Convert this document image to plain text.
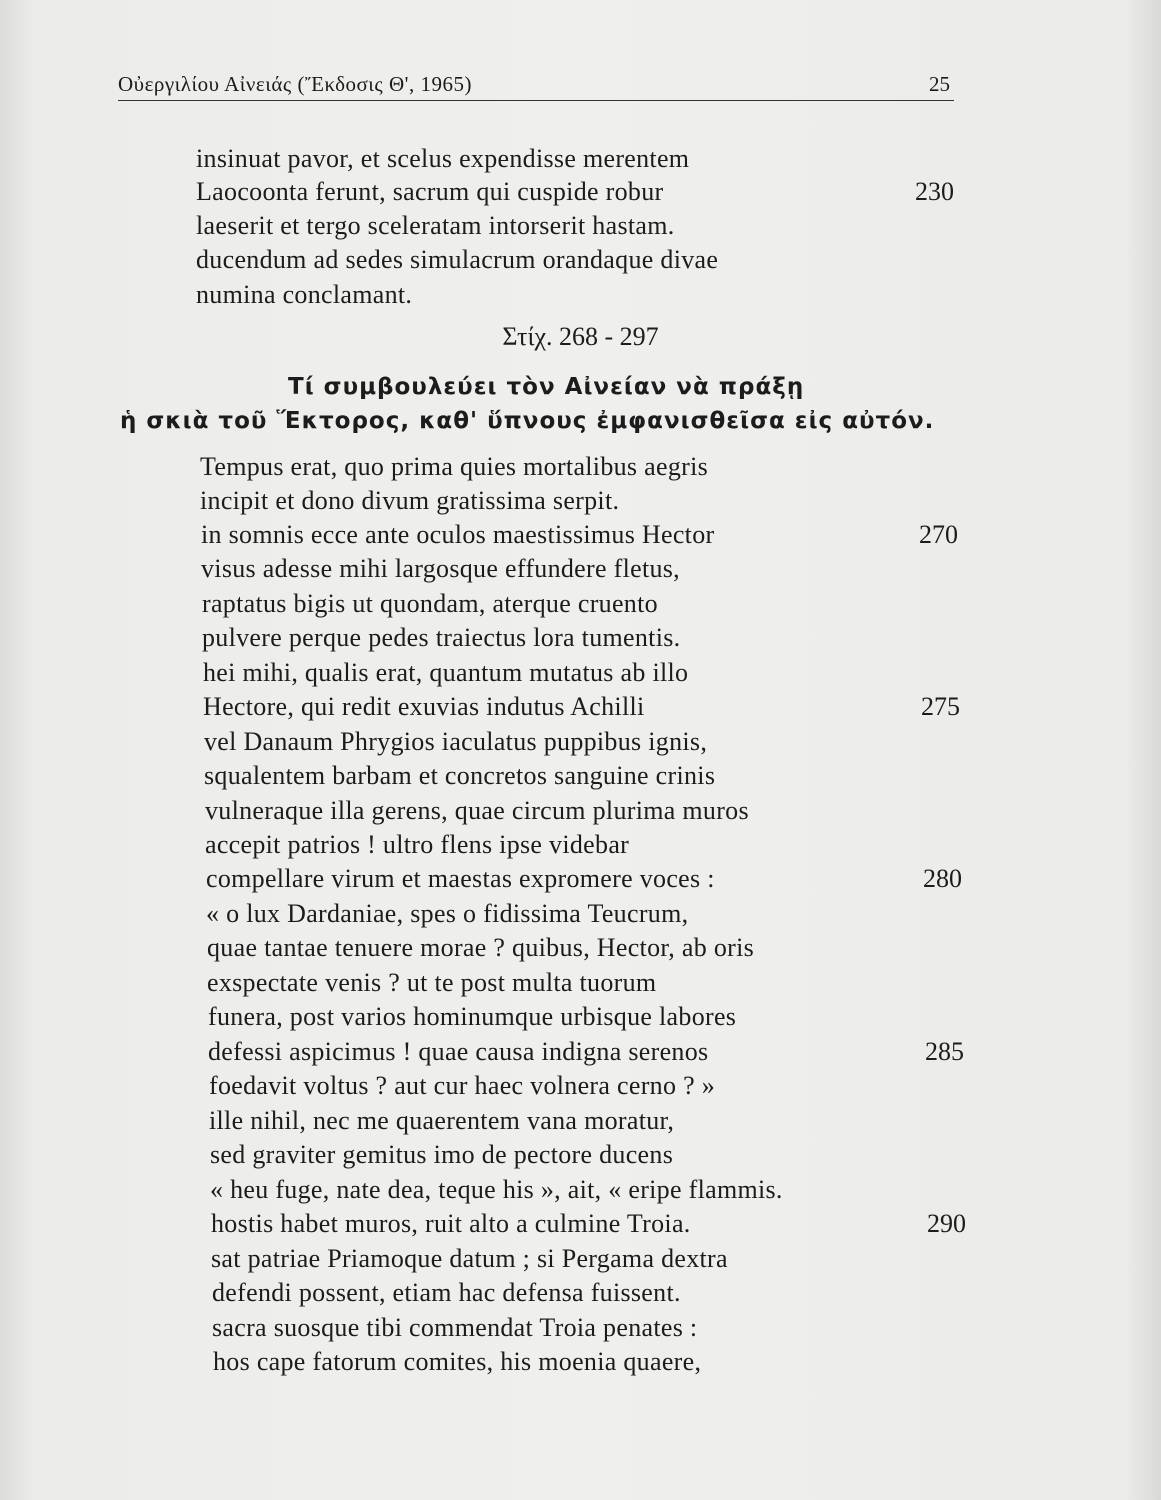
Οὐεργιλίου Αἰνειάς (Ἔκδοσις Θ', 1965)	25
insinuat pavor, et scelus expendisse merentem
Laocoonta ferunt, sacrum qui cuspide robur
laeserit et tergo sceleratam intorserit hastam.
ducendum ad sedes simulacrum orandaque divae
numina conclamant.
230
Στίχ. 268 - 297
Τί συμβουλεύει τὸν Αἰνείαν νὰ πράξῃ
ἡ σκιὰ τοῦ Ἕκτορος, καθ' ὕπνους ἐμφανισθεῖσα εἰς αὐτόν.
Tempus erat, quo prima quies mortalibus aegris
incipit et dono divum gratissima serpit.
in somnis ecce ante oculos maestissimus Hector
visus adesse mihi largosque effundere fletus,
raptatus bigis ut quondam, aterque cruento
pulvere perque pedes traiectus lora tumentis.
hei mihi, qualis erat, quantum mutatus ab illo
Hectore, qui redit exuvias indutus Achilli
vel Danaum Phrygios iaculatus puppibus ignis,
squalentem barbam et concretos sanguine crinis
vulneraque illa gerens, quae circum plurima muros
accepit patrios ! ultro flens ipse videbar
compellare virum et maestas expromere voces :
« o lux Dardaniae, spes o fidissima Teucrum,
quae tantae tenuere morae ? quibus, Hector, ab oris
exspectate venis ? ut te post multa tuorum
funera, post varios hominumque urbisque labores
defessi aspicimus ! quae causa indigna serenos
foedavit voltus ? aut cur haec volnera cerno ? »
ille nihil, nec me quaerentem vana moratur,
sed graviter gemitus imo de pectore ducens
« heu fuge, nate dea, teque his », ait, « eripe flammis.
hostis habet muros, ruit alto a culmine Troia.
sat patriae Priamoque datum ; si Pergama dextra
defendi possent, etiam hac defensa fuissent.
sacra suosque tibi commendat Troia penates :
hos cape fatorum comites, his moenia quaere,
270
275
280
285
290
